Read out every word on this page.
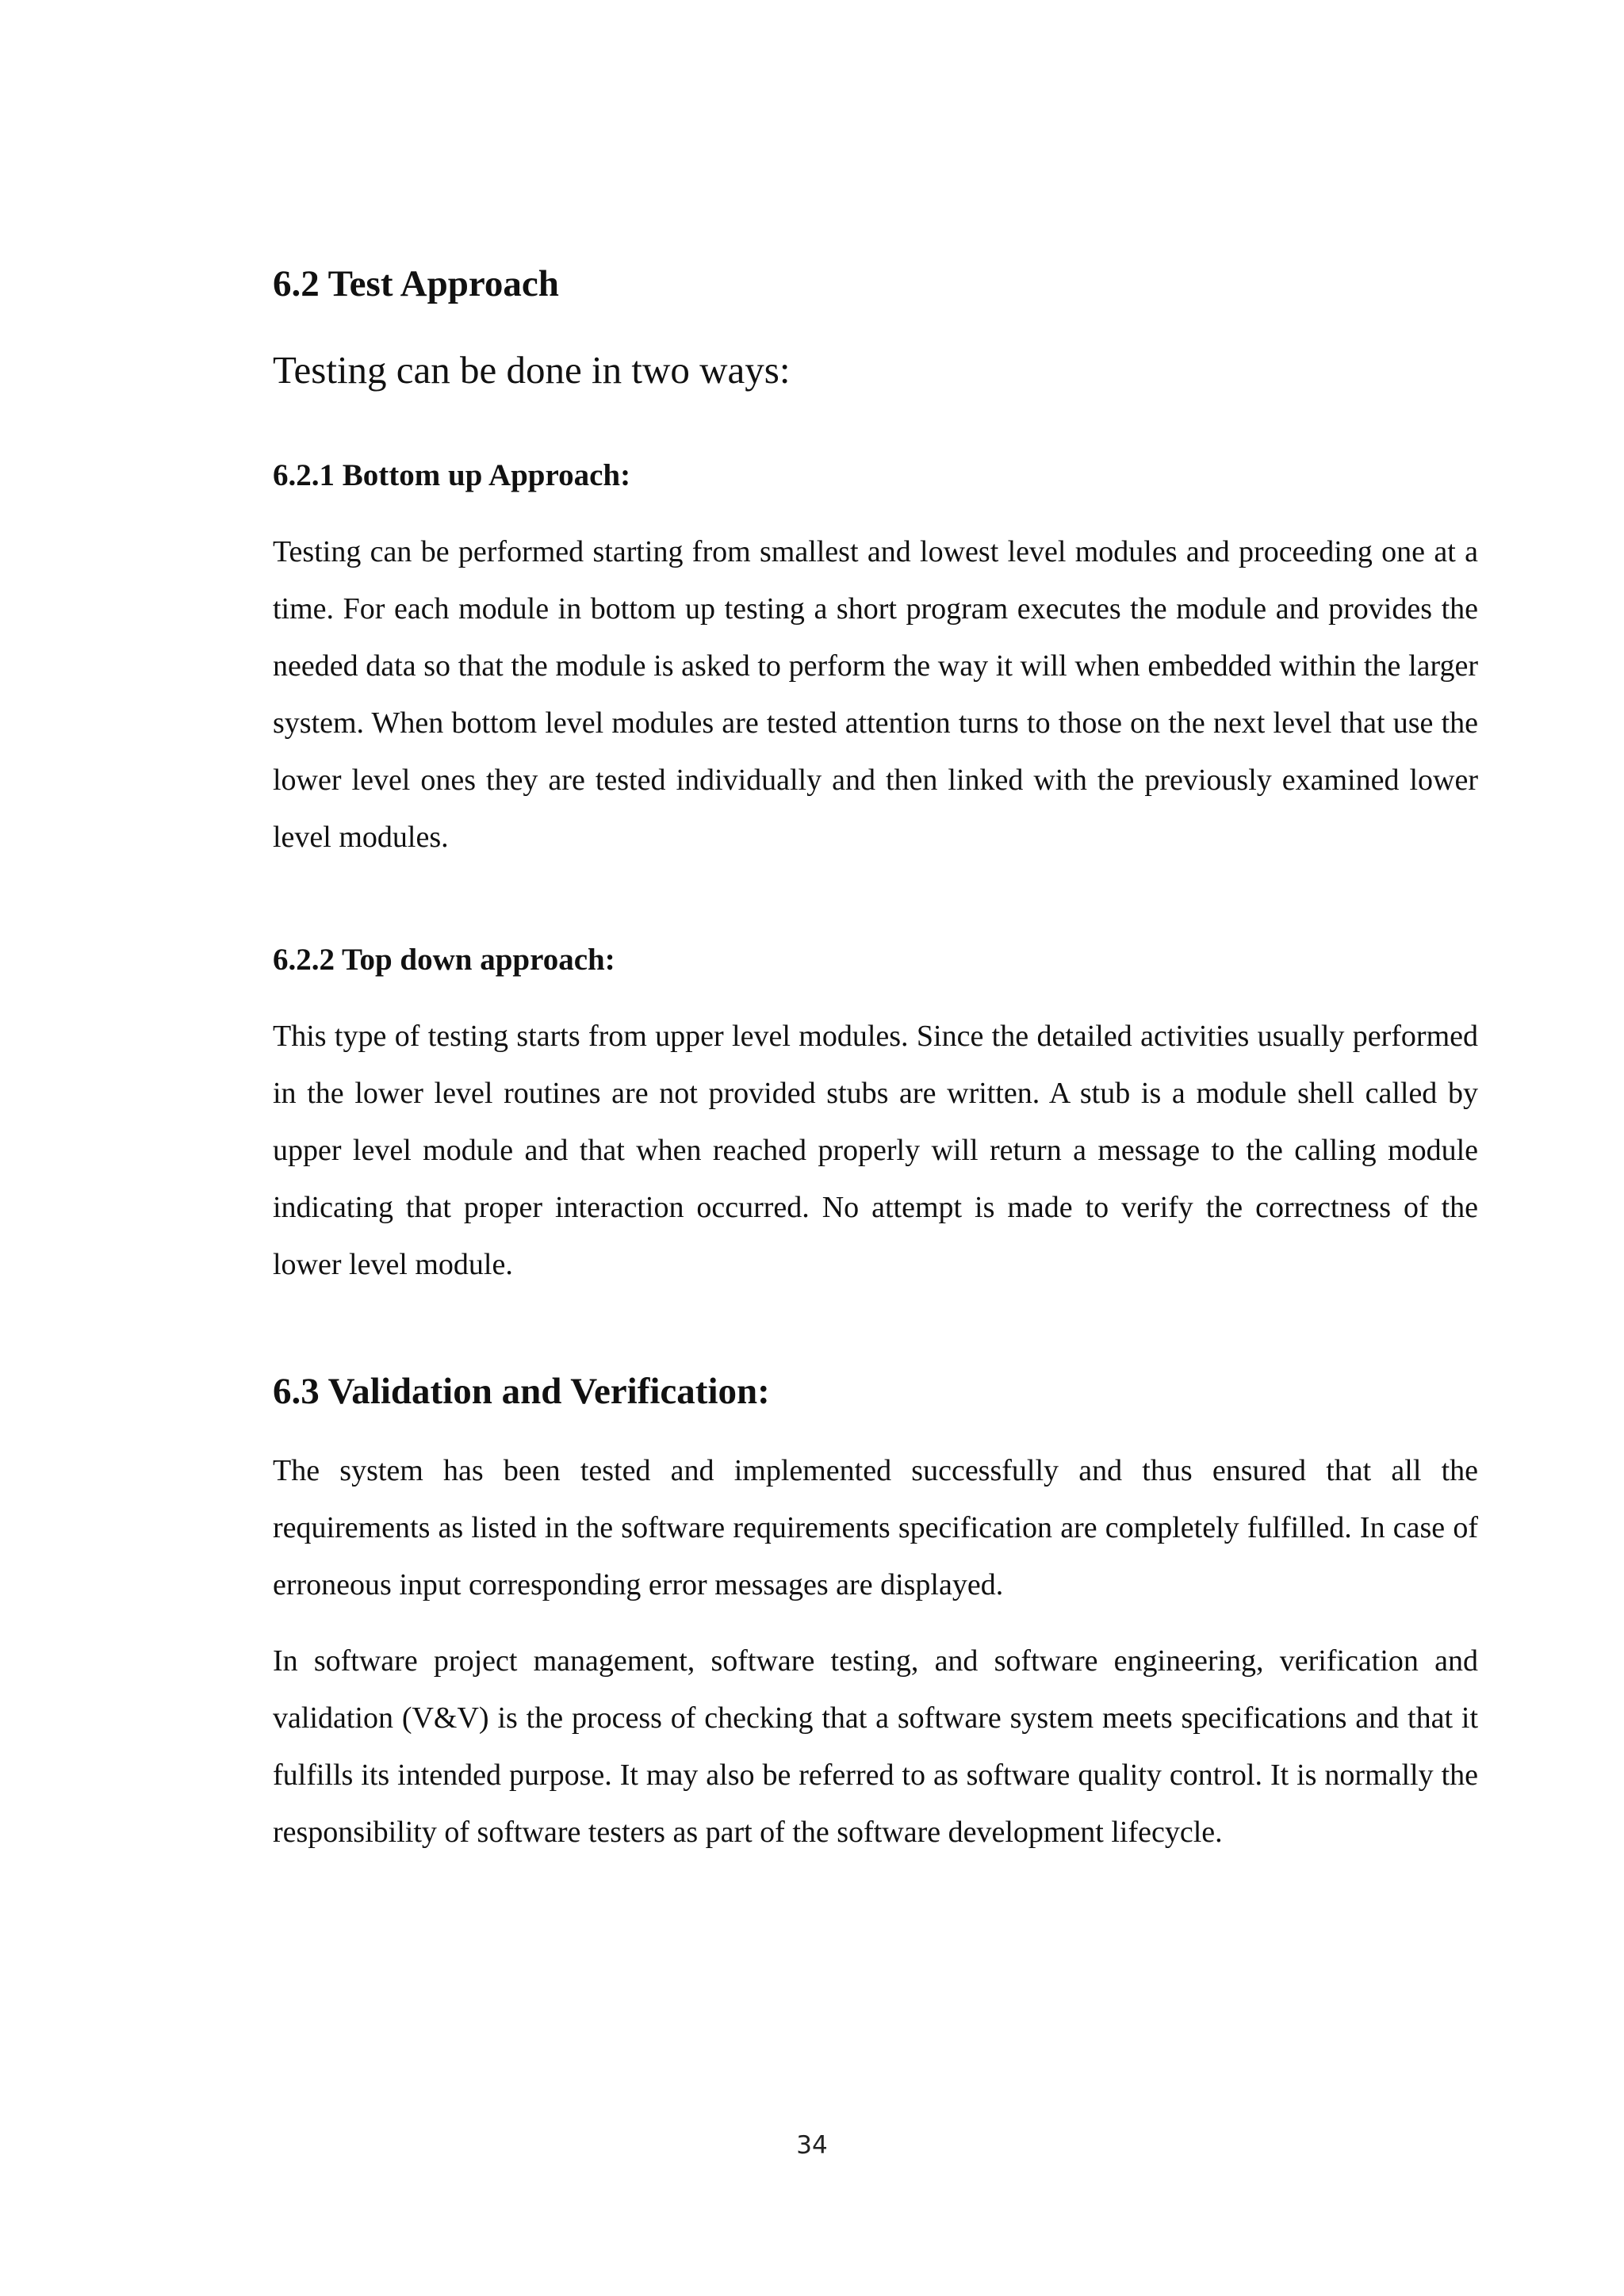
6.2 Test Approach

Testing can be done in two ways:

6.2.1 Bottom up Approach:

Testing can be performed starting from smallest and lowest level modules and proceeding one at a time. For each module in bottom up testing a short program executes the module and provides the needed data so that the module is asked to perform the way it will when embedded within the larger system. When bottom level modules are tested attention turns to those on the next level that use the lower level ones they are tested individually and then linked with the previously examined lower level modules.

6.2.2 Top down approach:

This type of testing starts from upper level modules. Since the detailed activities usually performed in the lower level routines are not provided stubs are written. A stub is a module shell called by upper level module and that when reached properly will return a message to the calling module indicating that proper interaction occurred. No attempt is made to verify the correctness of the lower level module.

6.3 Validation and Verification:

The system has been tested and implemented successfully and thus ensured that all the requirements as listed in the software requirements specification are completely fulfilled. In case of erroneous input corresponding error messages are displayed.

In software project management, software testing, and software engineering, verification and validation (V&V) is the process of checking that a software system meets specifications and that it fulfills its intended purpose. It may also be referred to as software quality control. It is normally the responsibility of software testers as part of the software development lifecycle.

34
